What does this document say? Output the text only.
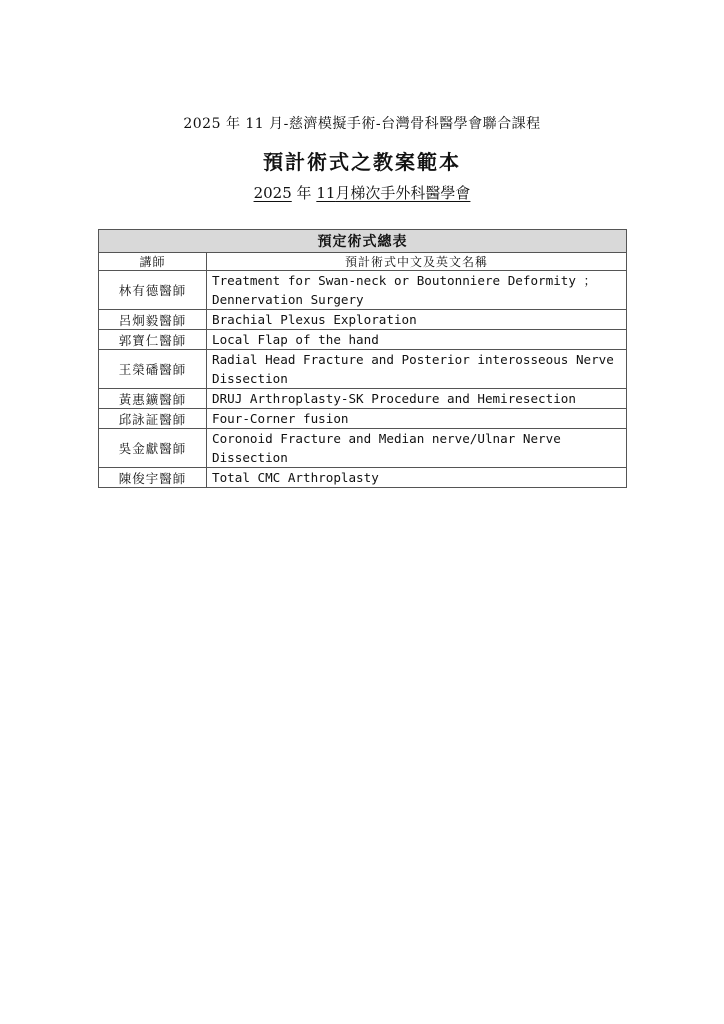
2025 年 11 月-慈濟模擬手術-台灣骨科醫學會聯合課程
預計術式之教案範本
2025 年 11月梯次手外科醫學會
預定術式總表	
講師	預計術式中文及英文名稱
林有德醫師	Treatment for Swan-neck or Boutonniere Deformity ；Dennervation Surgery
呂炯毅醫師	Brachial Plexus Exploration
郭寶仁醫師	Local Flap of the hand
王榮磻醫師	Radial Head Fracture and Posterior interosseous Nerve Dissection
黃惠鑛醫師	DRUJ Arthroplasty-SK Procedure and Hemiresection
邱詠証醫師	Four-Corner fusion
吳金獻醫師	Coronoid Fracture and Median nerve/Ulnar Nerve Dissection
陳俊宇醫師	Total CMC Arthroplasty
